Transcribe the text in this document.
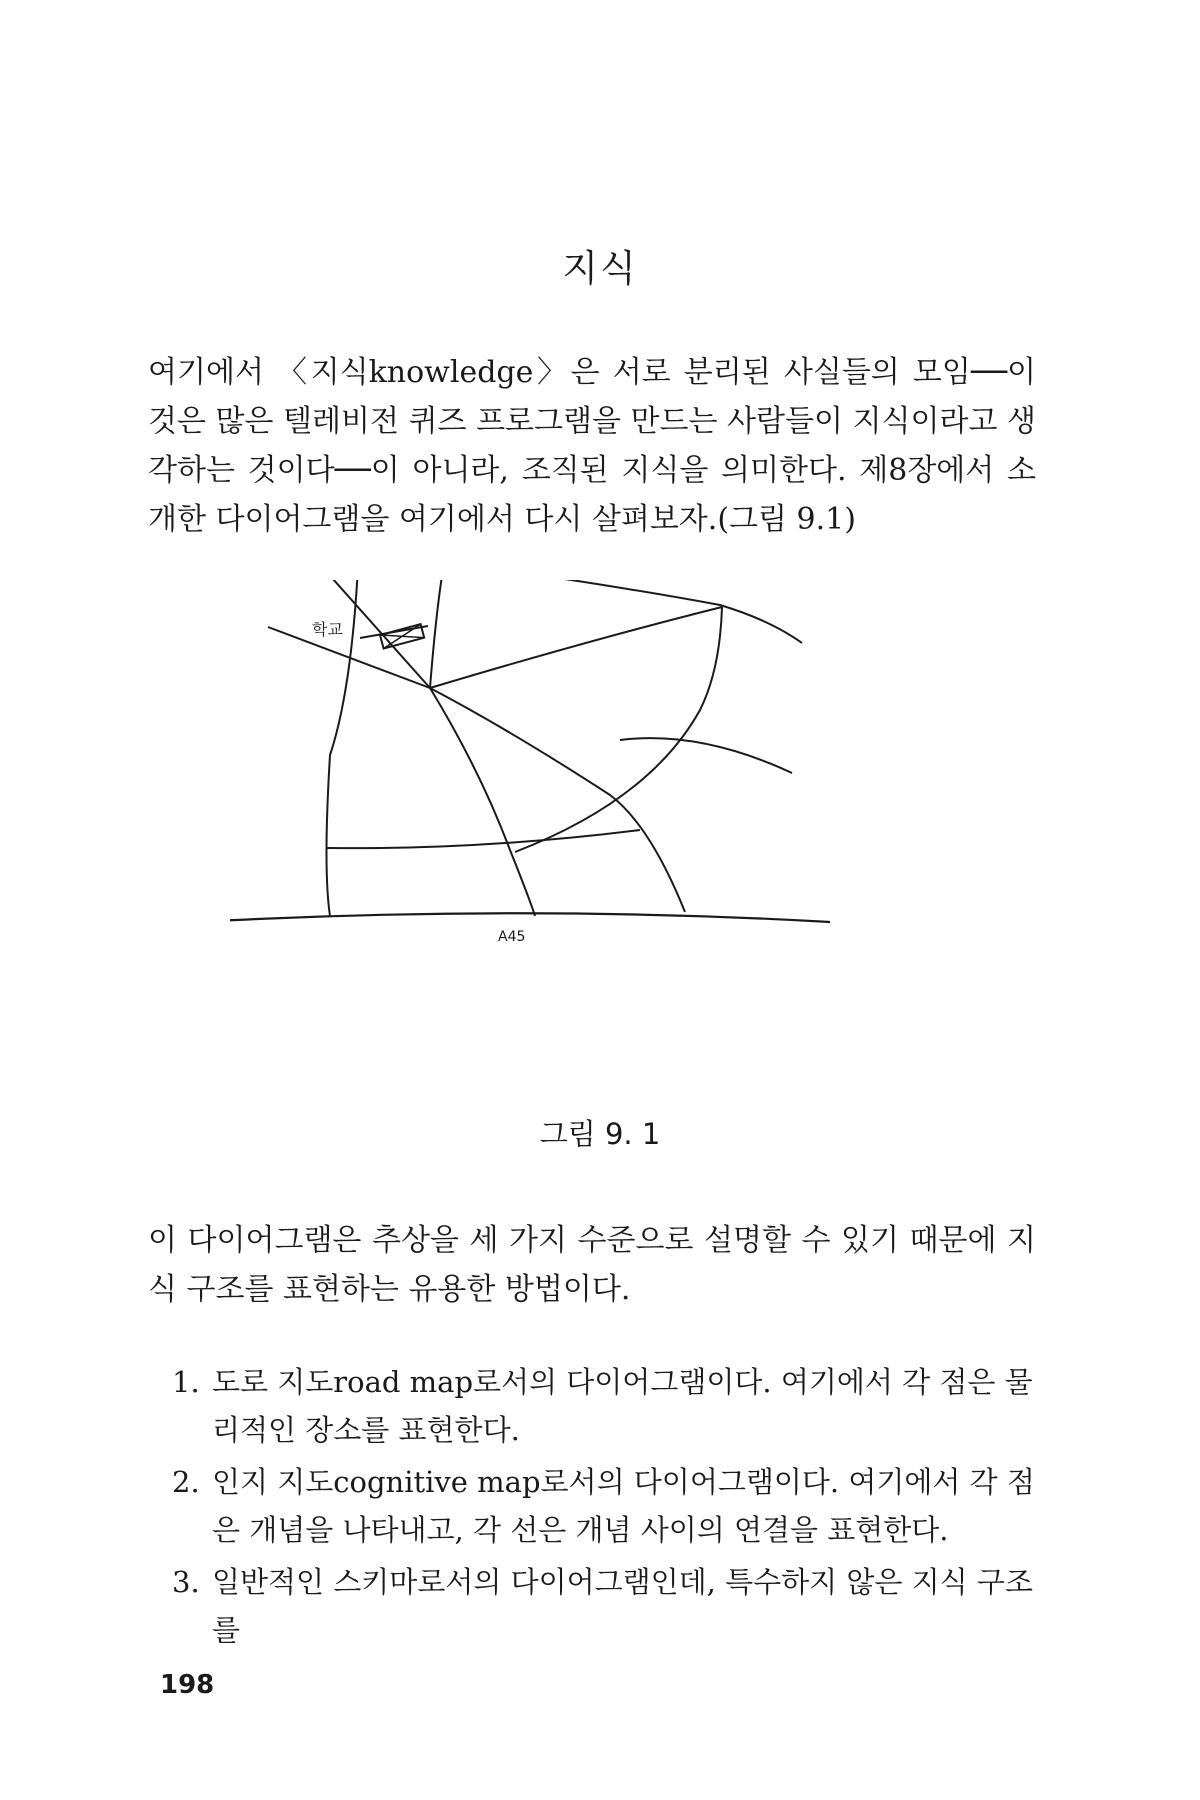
지식

여기에서 〈지식knowledge〉은 서로 분리된 사실들의 모임──이것은 많은 텔레비전 퀴즈 프로그램을 만드는 사람들이 지식이라고 생각하는 것이다──이 아니라, 조직된 지식을 의미한다. 제8장에서 소개한 다이어그램을 여기에서 다시 살펴보자.(그림 9.1)

학교
A45
그림 9. 1

이 다이어그램은 추상을 세 가지 수준으로 설명할 수 있기 때문에 지식 구조를 표현하는 유용한 방법이다.

1. 도로 지도road map로서의 다이어그램이다. 여기에서 각 점은 물리적인 장소를 표현한다.
2. 인지 지도cognitive map로서의 다이어그램이다. 여기에서 각 점은 개념을 나타내고, 각 선은 개념 사이의 연결을 표현한다.
3. 일반적인 스키마로서의 다이어그램인데, 특수하지 않은 지식 구조를
198
